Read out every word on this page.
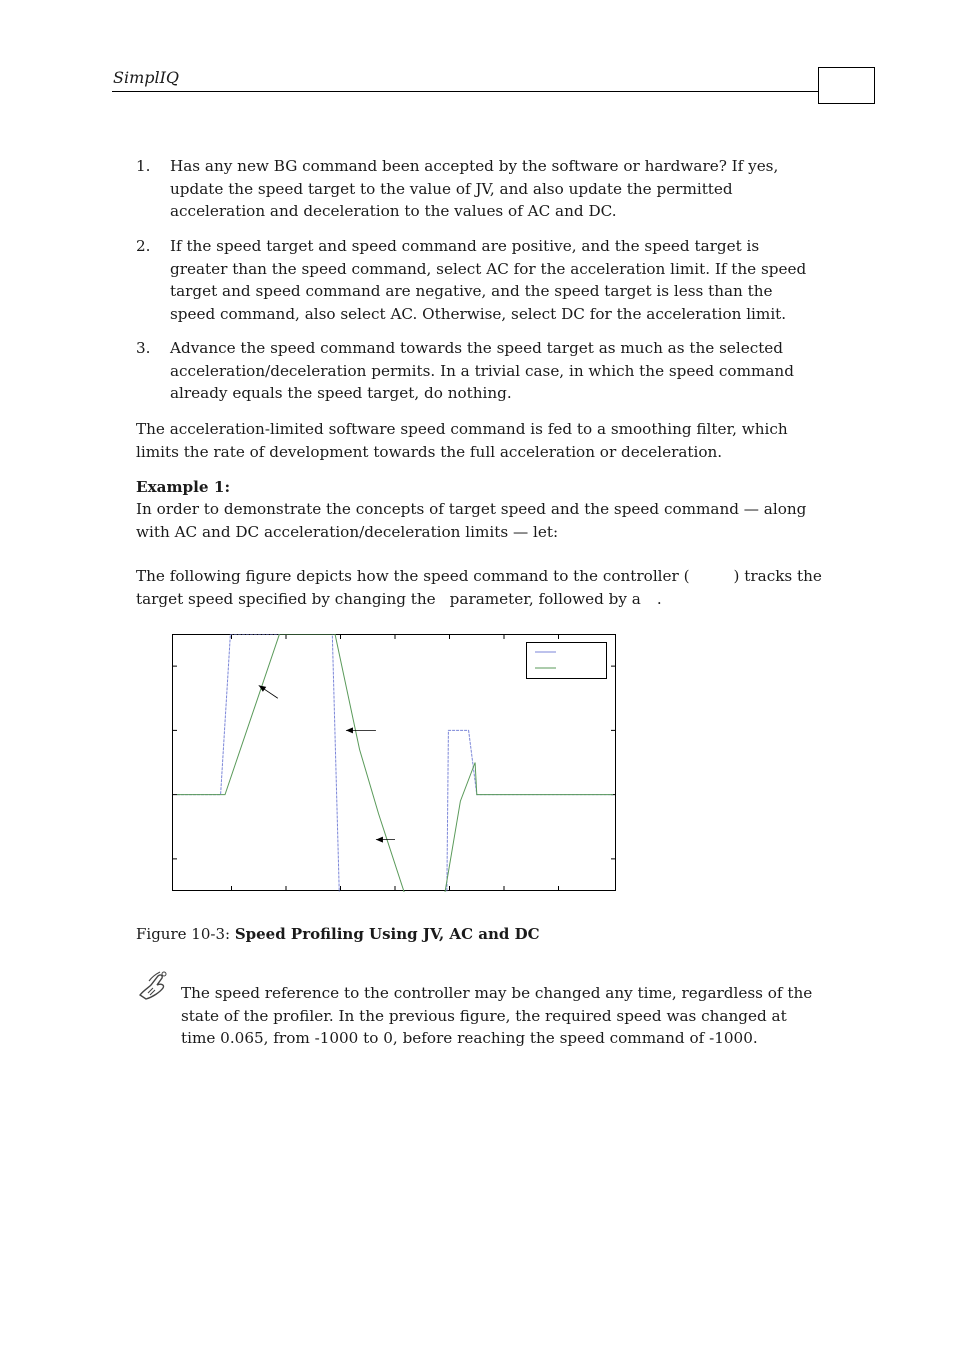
SimplIQ
1. Has any new BG command been accepted by the software or hardware? If yes, update the speed target to the value of JV, and also update the permitted acceleration and deceleration to the values of AC and DC.
2. If the speed target and speed command are positive, and the speed target is greater than the speed command, select AC for the acceleration limit. If the speed target and speed command are negative, and the speed target is less than the speed command, also select AC. Otherwise, select DC for the acceleration limit.
3. Advance the speed command towards the speed target as much as the selected acceleration/deceleration permits. In a trivial case, in which the speed command already equals the speed target, do nothing.
The acceleration-limited software speed command is fed to a smoothing filter, which limits the rate of development towards the full acceleration or deceleration.
Example 1:
In order to demonstrate the concepts of target speed and the speed command — along with AC and DC acceleration/deceleration limits — let:
The following figure depicts how the speed command to the controller (	) tracks the
target speed specified by changing the parameter, followed by a .
Figure 10-3: Speed Profiling Using JV, AC and DC
The speed reference to the controller may be changed any time, regardless of the state of the profiler. In the previous figure, the required speed was changed at time 0.065, from -1000 to 0, before reaching the speed command of -1000.
